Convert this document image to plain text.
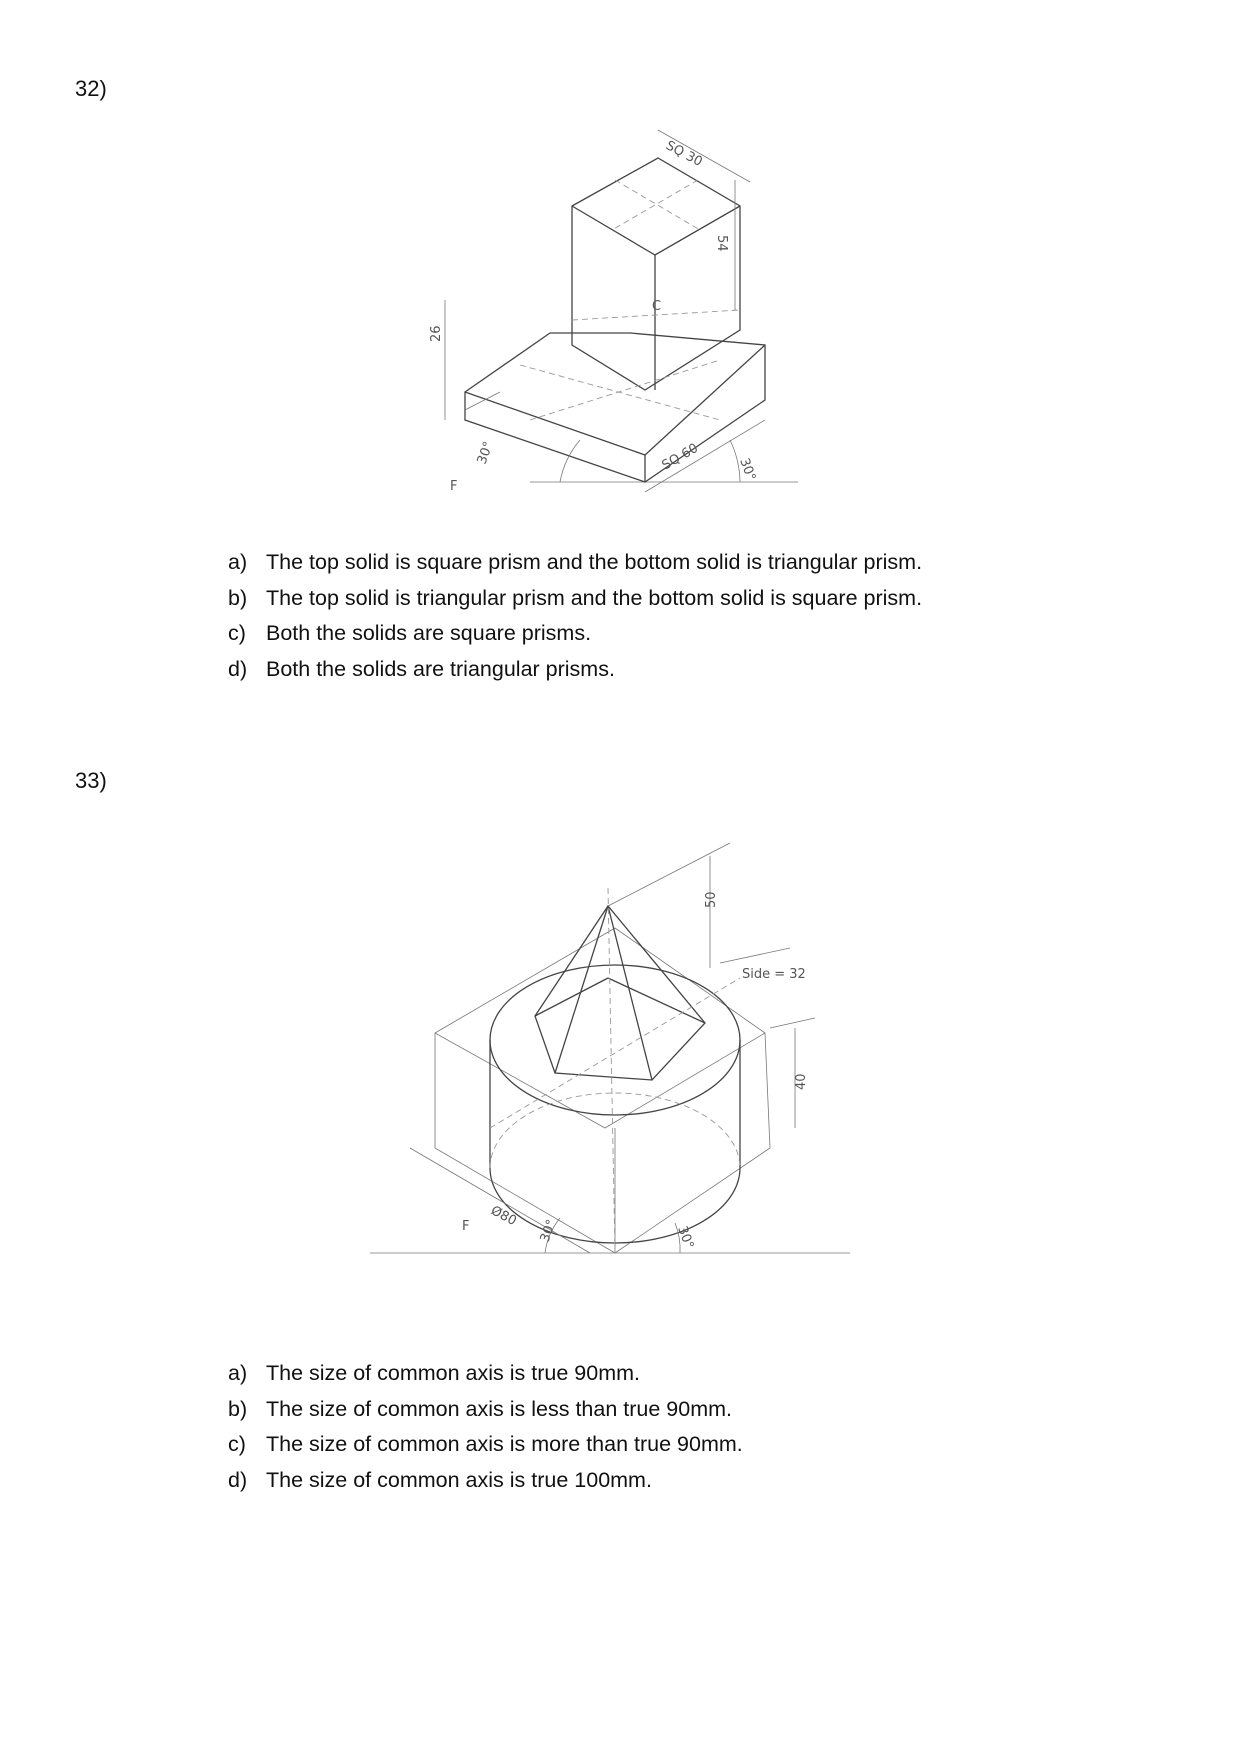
32)
SQ 30
54
26
SQ 60
30°
30°
C
F
a) The top solid is square prism and the bottom solid is triangular prism.
b) The top solid is triangular prism and the bottom solid is square prism.
c) Both the solids are square prisms.
d) Both the solids are triangular prisms.
33)
50
Side = 32
40
Ø80
30°	30°
F
a) The size of common axis is true 90mm.
b) The size of common axis is less than true 90mm.
c) The size of common axis is more than true 90mm.
d) The size of common axis is true 100mm.
